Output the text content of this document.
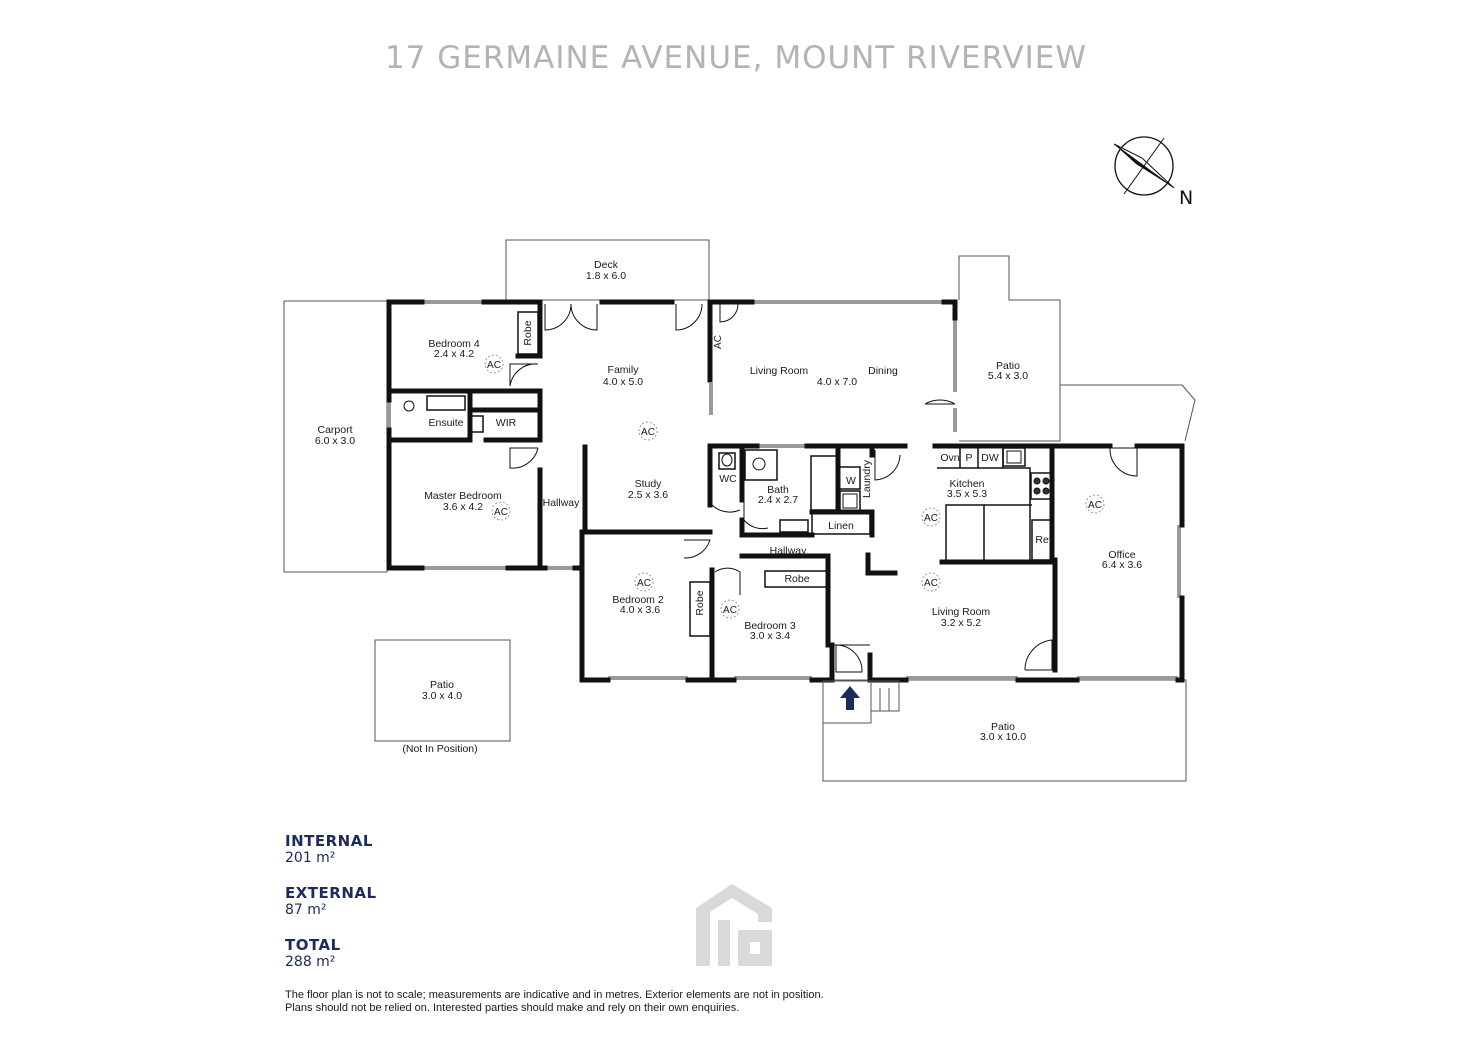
17 GERMAINE AVENUE, MOUNT RIVERVIEW
N
Deck
1.8 x 6.0
Bedroom 4
2.4 x 4.2
Robe
Family
4.0 x 5.0
Living Room
4.0 x 7.0
Dining	Patio
5.4 x 3.0
Carport
6.0 x 3.0
Ensuite	WIR
Master Bedroom
3.6 x 4.2	Hallway
Study
2.5 x 3.6
WC
Bath
2.4 x 2.7
Laundry
Linen
Kitchen
3.5 x 5.3
Office
6.4 x 3.6
Hallway
Bedroom 2
4.0 x 3.6	Robe
Bedroom 3
3.0 x 3.4
Robe
Living Room
3.2 x 5.2
Patio
3.0 x 4.0
(Not In Position)
Patio
3.0 x 10.0
Ovn P DW
Ref.
W
AC
AC
AC
AC
AC
AC
AC
AC
AC
INTERNAL
201 m²
EXTERNAL
87 m²
TOTAL
288 m²
The floor plan is not to scale; measurements are indicative and in metres. Exterior elements are not in position.
Plans should not be relied on. Interested parties should make and rely on their own enquiries.
